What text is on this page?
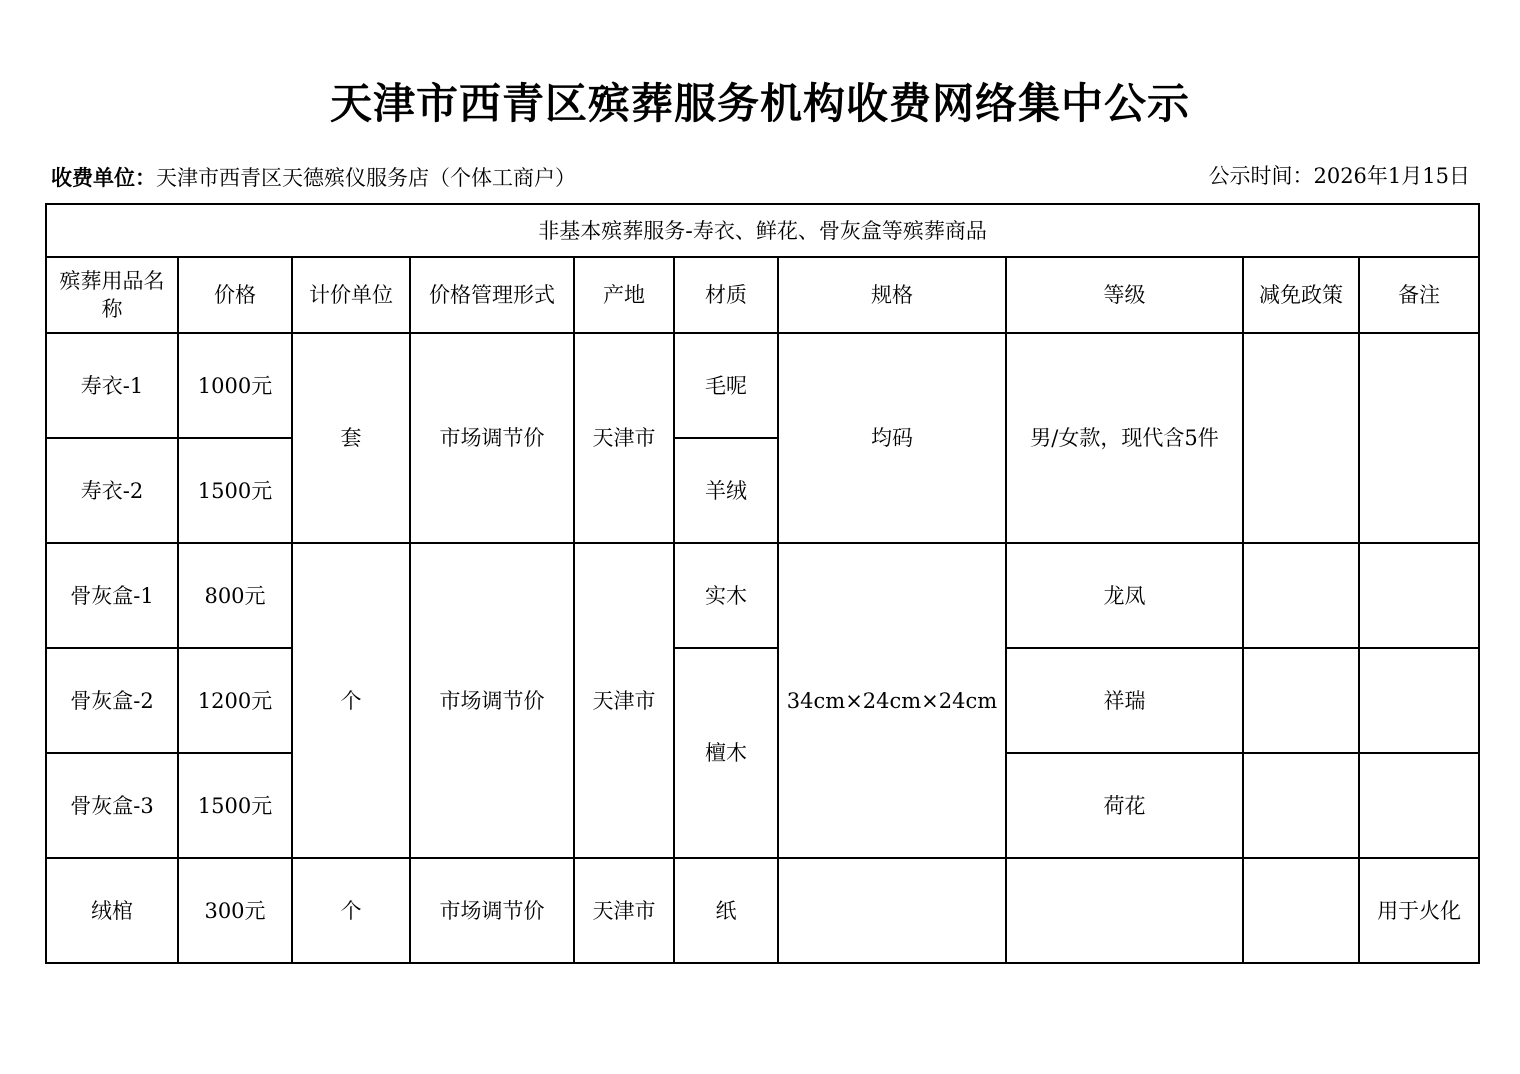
天津市西青区殡葬服务机构收费网络集中公示
收费单位：天津市西青区天德殡仪服务店（个体工商户）	公示时间：2026年1月15日
非基本殡葬服务-寿衣、鲜花、骨灰盒等殡葬商品									
殡葬用品名称	价格	计价单位	价格管理形式	产地	材质	规格	等级	减免政策	备注
寿衣-1	1000元	套	市场调节价	天津市	毛呢	均码	男/女款，现代含5件		
寿衣-2	1500元				羊绒				
骨灰盒-1	800元	个	市场调节价	天津市	实木	34cm×24cm×24cm	龙凤		
骨灰盒-2	1200元				檀木		祥瑞		
骨灰盒-3	1500元						荷花		
绒棺	300元	个	市场调节价	天津市	纸				用于火化
